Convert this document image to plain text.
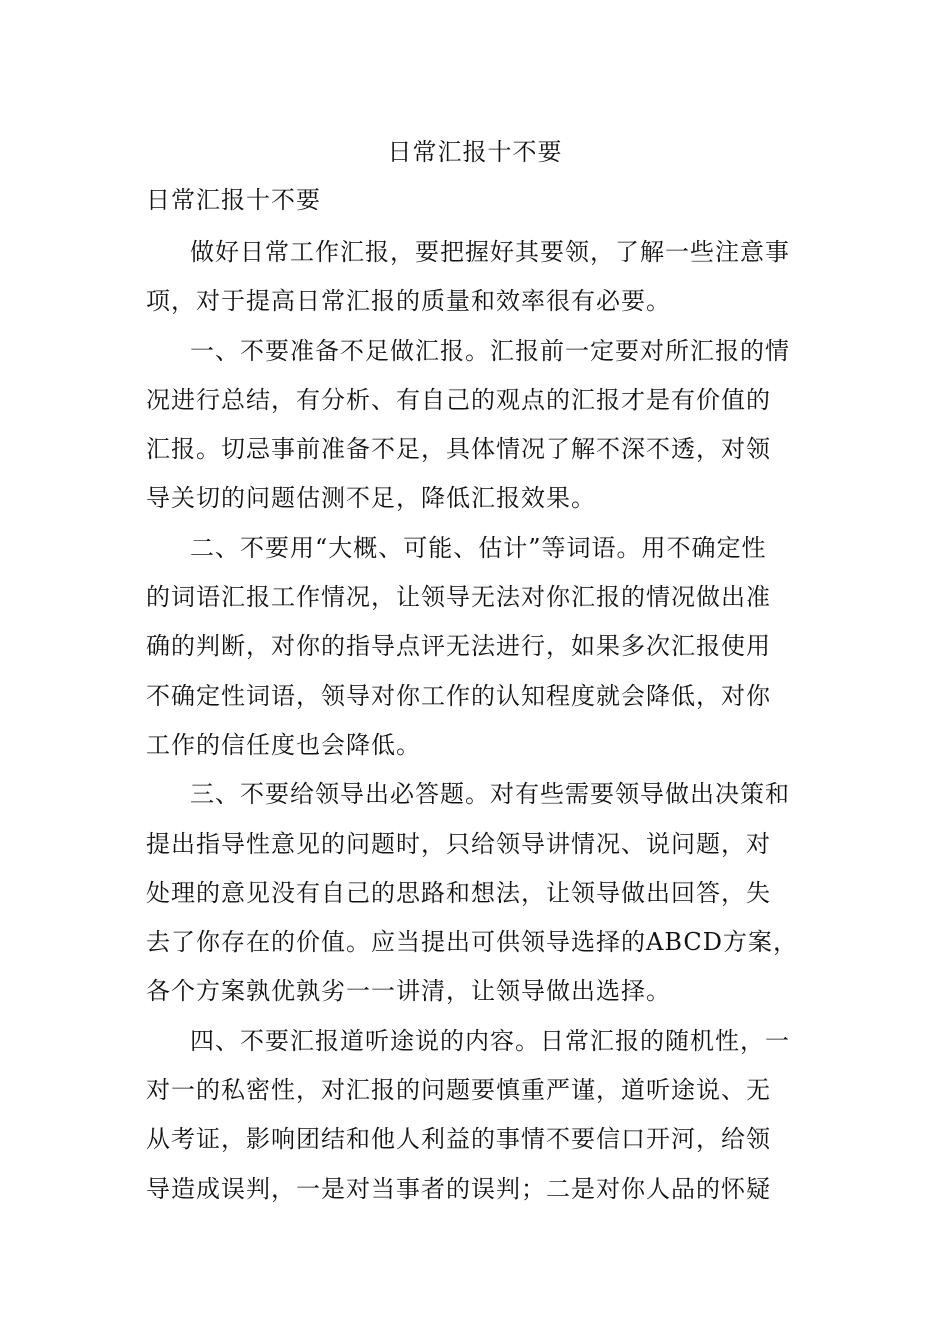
日常汇报十不要
日常汇报十不要

做好日常工作汇报，要把握好其要领，了解一些注意事
项，对于提高日常汇报的质量和效率很有必要。

一、不要准备不足做汇报。汇报前一定要对所汇报的情
况进行总结，有分析、有自己的观点的汇报才是有价值的
汇报。切忌事前准备不足，具体情况了解不深不透，对领
导关切的问题估测不足，降低汇报效果。

二、不要用“大概、可能、估计”等词语。用不确定性
的词语汇报工作情况，让领导无法对你汇报的情况做出准
确的判断，对你的指导点评无法进行，如果多次汇报使用
不确定性词语，领导对你工作的认知程度就会降低，对你
工作的信任度也会降低。

三、不要给领导出必答题。对有些需要领导做出决策和
提出指导性意见的问题时，只给领导讲情况、说问题，对
处理的意见没有自己的思路和想法，让领导做出回答，失
去了你存在的价值。应当提出可供领导选择的ABCD方案，
各个方案孰优孰劣一一讲清，让领导做出选择。

四、不要汇报道听途说的内容。日常汇报的随机性，一
对一的私密性，对汇报的问题要慎重严谨，道听途说、无
从考证，影响团结和他人利益的事情不要信口开河，给领
导造成误判，一是对当事者的误判；二是对你人品的怀疑
